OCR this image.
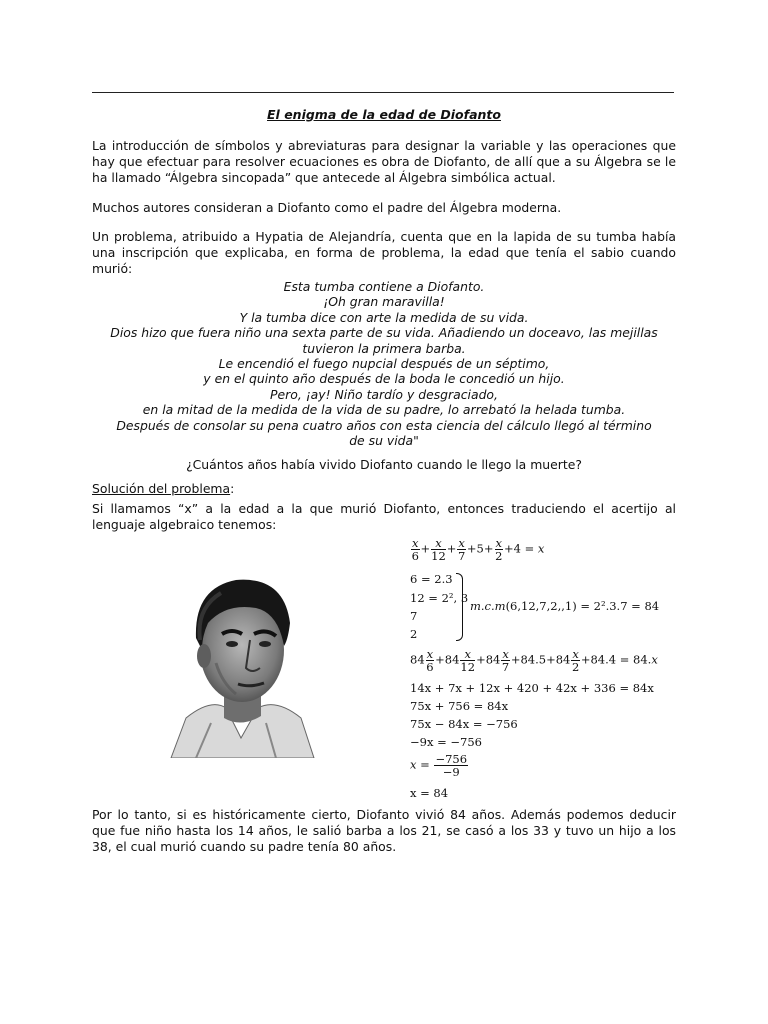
El enigma de la edad de Diofanto

La introducción de símbolos y abreviaturas para designar la variable y las operaciones que hay que efectuar para resolver ecuaciones es obra de Diofanto, de allí que a su Álgebra se le ha llamado “Álgebra sincopada” que antecede al Álgebra simbólica actual.

Muchos autores consideran a Diofanto como el padre del Álgebra moderna.

Un problema, atribuido a Hypatia de Alejandría, cuenta que en la lapida de su tumba había una inscripción que explicaba, en forma de problema, la edad que tenía el sabio cuando murió:

Esta tumba contiene a Diofanto.
¡Oh gran maravilla!
Y la tumba dice con arte la medida de su vida.
Dios hizo que fuera niño una sexta parte de su vida. Añadiendo un doceavo, las mejillas tuvieron la primera barba.
Le encendió el fuego nupcial después de un séptimo,
y en el quinto año después de la boda le concedió un hijo.
Pero, ¡ay! Niño tardío y desgraciado,
en la mitad de la medida de la vida de su padre, lo arrebató la helada tumba.
Después de consolar su pena cuatro años con esta ciencia del cálculo llegó al término de su vida"
¿Cuántos años había vivido Diofanto cuando le llego la muerte?
Solución del problema:

Si llamamos “x” a la edad a la que murió Diofanto, entonces traduciendo el acertijo al lenguaje algebraico tenemos:

$\frac{x}{6} + \frac{x}{12} + \frac{x}{7} +5+ \frac{x}{2} +4 = x$
6 = 2.3
12 = 2², 3
7
2
m.c.m(6,12,7,2,,1) = 2².3.7 = 84
$84 \frac{x}{6} +84 \frac{x}{12} +84 \frac{x}{7} +84.5+84 \frac{x}{2} +84.4 = 84.x$
14x + 7x + 12x + 420 + 42x + 336 = 84x
75x + 756 = 84x
75x − 84x = −756
−9x = −756
$x = \frac{-756}{-9}$
x = 84

Por lo tanto, si es históricamente cierto, Diofanto vivió 84 años. Además podemos deducir que fue niño hasta los 14 años, le salió barba a los 21, se casó a los 33 y tuvo un hijo a los 38, el cual murió cuando su padre tenía 80 años.
